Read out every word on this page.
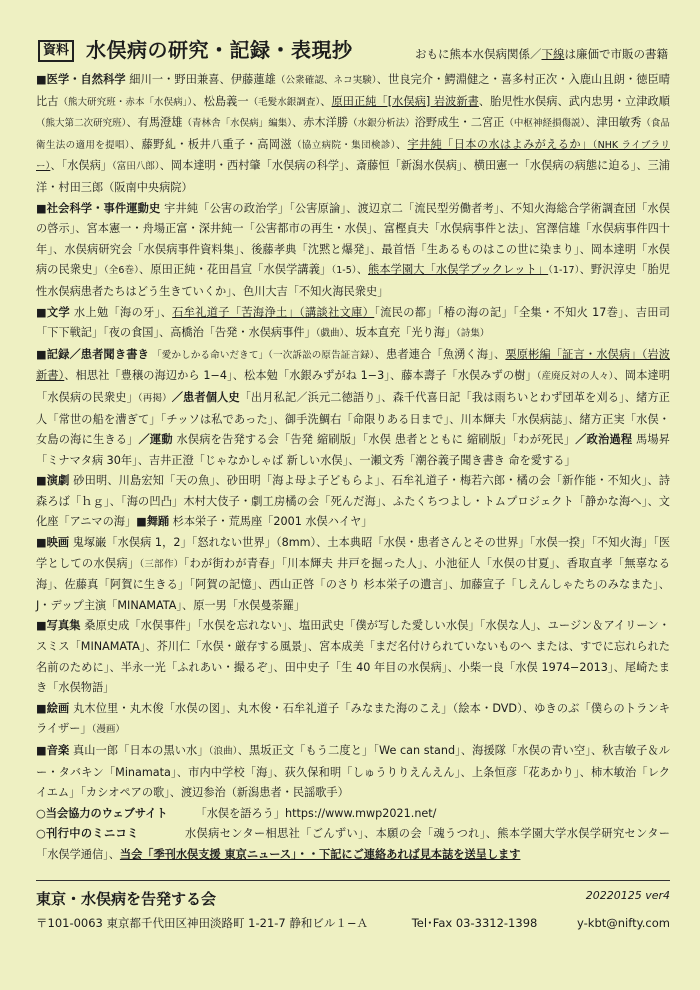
資料 水俣病の研究・記録・表現抄	おもに熊本水俣病関係／下線は廉価で市販の書籍

■医学・自然科学 細川一・野田兼喜、伊藤蓮雄（公衆確認、ネコ実験）、世良完介・鰐淵健之・喜多村正次・入鹿山且朗・徳臣晴比古（熊大研究班・赤本「水俣病」）、松島義一（毛髪水銀調査）、原田正純「[水俣病] 岩波新書、胎児性水俣病、武内忠男・立津政順（熊大第二次研究班）、有馬澄雄（青林舎「水俣病」編集）、赤木洋勝（水銀分析法）浴野成生・二宮正（中枢神経損傷説）、津田敏秀（食品衛生法の適用を提唱）、藤野糺・板井八重子・高岡滋（協立病院・集団検診）、宇井純「日本の水はよみがえるか」（NHK ライブラリー）、「水俣病」（富田八郎）、岡本達明・西村肇「水俣病の科学」、斎藤恒「新潟水俣病」、横田憲一「水俣病の病態に迫る」、三浦洋・村田三郎（阪南中央病院）

■社会科学・事件運動史 宇井純「公害の政治学」「公害原論」、渡辺京二「流民型労働者考」、不知火海総合学術調査団「水俣の啓示」、宮本憲一・舟場正富・深井純一「公害都市の再生・水俣」、富樫貞夫「水俣病事件と法」、宮澤信雄「水俣病事件四十年」、水俣病研究会「水俣病事件資料集」、後藤孝典「沈黙と爆発」、最首悟「生あるものはこの世に染まり」、岡本達明「水俣病の民衆史」（全6巻）、原田正純・花田昌宣「水俣学講義」（1-5）、熊本学園大「水俣学ブックレット」（1-17）、野沢淳史「胎児性水俣病患者たちはどう生きていくか」、色川大吉「不知火海民衆史」

■文学 水上勉「海の牙」、石牟礼道子「苦海浄土」（講談社文庫）「流民の都」「椿の海の記」「全集・不知火 17巻」、吉田司「下下戦記」「夜の食国」、高橋治「告発・水俣病事件」（戯曲）、坂本直充「光り海」（詩集）

■記録／患者聞き書き 「愛かしかる命いだきて」（一次訴訟の原告証言録）、患者連合「魚湧く海」、栗原彬編「証言・水俣病」（岩波新書）、相思社「豊穣の海辺から 1−4」、松本勉「水銀みずがね 1−3」、藤本壽子「水俣みずの樹」（産廃反対の人々）、岡本達明「水俣病の民衆史」（再掲）／患者個人史「出月私記／浜元二徳語り」、森千代喜日記「我は雨ちいとわず団革を刈る」、緒方正人「常世の船を漕ぎて」「チッソは私であった」、御手洗鯛右「命限りある日まで」、川本輝夫「水俣病誌」、緒方正実「水俣・女島の海に生きる」／運動 水俣病を告発する会「告発 縮刷版」「水俣 患者とともに 縮刷版」「わが死民」／政治過程 馬場昇「ミナマタ病 30年」、吉井正澄「じゃなかしゃば 新しい水俣」、一瀬文秀「潮谷義子聞き書き 命を愛する」

■演劇 砂田明、川島宏知「天の魚」、砂田明「海よ母よ子どもらよ」、石牟礼道子・梅若六郎・橘の会「新作能・不知火」、詩森ろば「ｈｇ」、「海の凹凸」木村大伎子・劇工房橘の会「死んだ海」、ふたくちつよし・トムプロジェクト「静かな海へ」、文化座「アニマの海」■舞踊 杉本栄子・荒馬座「2001 水俣ハイヤ」

■映画 鬼塚巌「水俣病 1，2」「怒れない世界」（8mm）、土本典昭「水俣・患者さんとその世界」「水俣一揆」「不知火海」「医学としての水俣病」（三部作）「わが街わが青春」「川本輝夫 井戸を掘った人」、小池征人「水俣の甘夏」、香取直孝「無辜なる海」、佐藤真「阿賀に生きる」「阿賀の記憶」、西山正啓「のさり 杉本栄子の遺言」、加藤宣子「しえんしゃたちのみなまた」、J・デップ主演「MINAMATA」、原一男「水俣曼荼羅」

■写真集 桑原史成「水俣事件」「水俣を忘れない」、塩田武史「僕が写した愛しい水俣」「水俣な人」、ユージン＆アイリーン・スミス「MINAMATA」、芥川仁「水俣・厳存する風景」、宮本成美「まだ名付けられていないものへ または、すでに忘れられた名前のために」、半永一光「ふれあい・撮るぞ」、田中史子「生 40 年目の水俣病」、小柴一良「水俣 1974−2013」、尾崎たまき「水俣物語」

■絵画 丸木位里・丸木俊「水俣の図」、丸木俊・石牟礼道子「みなまた海のこえ」（絵本・DVD）、ゆきのぶ「僕らのトランキライザー」（漫画）

■音楽 真山一郎「日本の黒い水」（浪曲）、黒坂正文「もう二度と」「We can stand」、海援隊「水俣の青い空」、秋吉敏子＆ルー・タバキン「Minamata」、市内中学校「海」、荻久保和明「しゅうりりえんえん」、上条恒彦「花あかり」、柿木敏治「レクイエム」「カシオペアの歌」、渡辺参治（新潟患者・民謡歌手）

○当会協力のウェブサイト　　　「水俣を語ろう」https://www.mwp2021.net/

○刊行中のミニコミ　　　　水俣病センター相思社「ごんずい」、本願の会「魂うつれ」、熊本学園大学水俣学研究センター「水俣学通信」、当会「季刊水俣支援 東京ニュース」・・下記にご連絡あれば見本誌を送呈します

東京・水俣病を告発する会	20220125 ver4
〒101-0063 東京都千代田区神田淡路町 1-21-7 静和ビル１−Ａ	Tel･Fax 03-3312-1398	y-kbt@nifty.com
